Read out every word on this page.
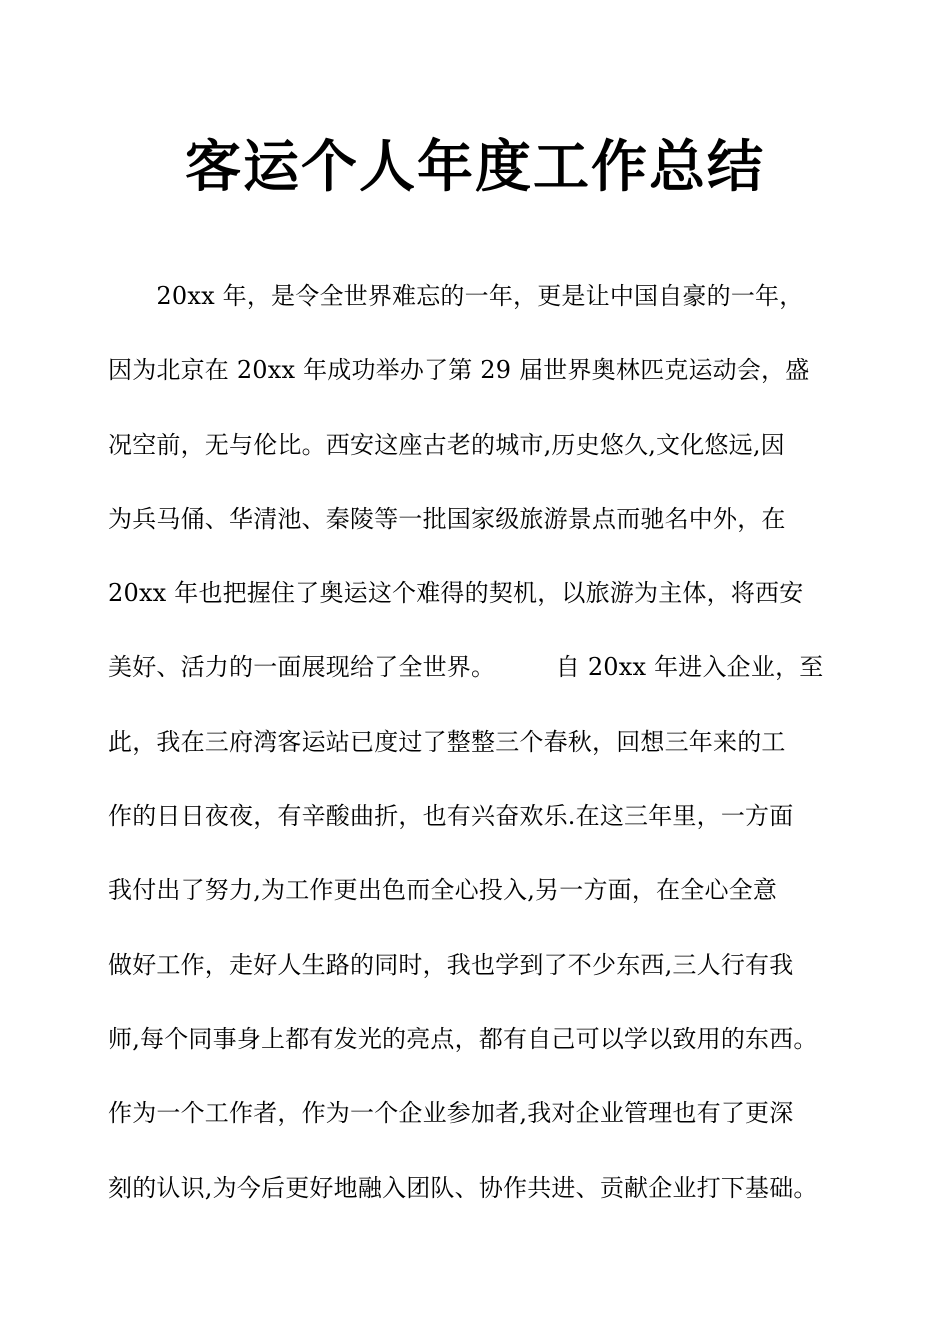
客运个人年度工作总结
　　20xx 年，是令全世界难忘的一年，更是让中国自豪的一年，
因为北京在 20xx 年成功举办了第 29 届世界奥林匹克运动会，盛
况空前，无与伦比。西安这座古老的城市,历史悠久,文化悠远,因
为兵马俑、华清池、秦陵等一批国家级旅游景点而驰名中外，在
20xx 年也把握住了奥运这个难得的契机，以旅游为主体，将西安
美好、活力的一面展现给了全世界。　　　自 20xx 年进入企业，至
此，我在三府湾客运站已度过了整整三个春秋，回想三年来的工
作的日日夜夜，有辛酸曲折，也有兴奋欢乐.在这三年里，一方面
我付出了努力,为工作更出色而全心投入,另一方面，在全心全意
做好工作，走好人生路的同时，我也学到了不少东西,三人行有我
师,每个同事身上都有发光的亮点，都有自己可以学以致用的东西。
作为一个工作者，作为一个企业参加者,我对企业管理也有了更深
刻的认识,为今后更好地融入团队、协作共进、贡献企业打下基础。
